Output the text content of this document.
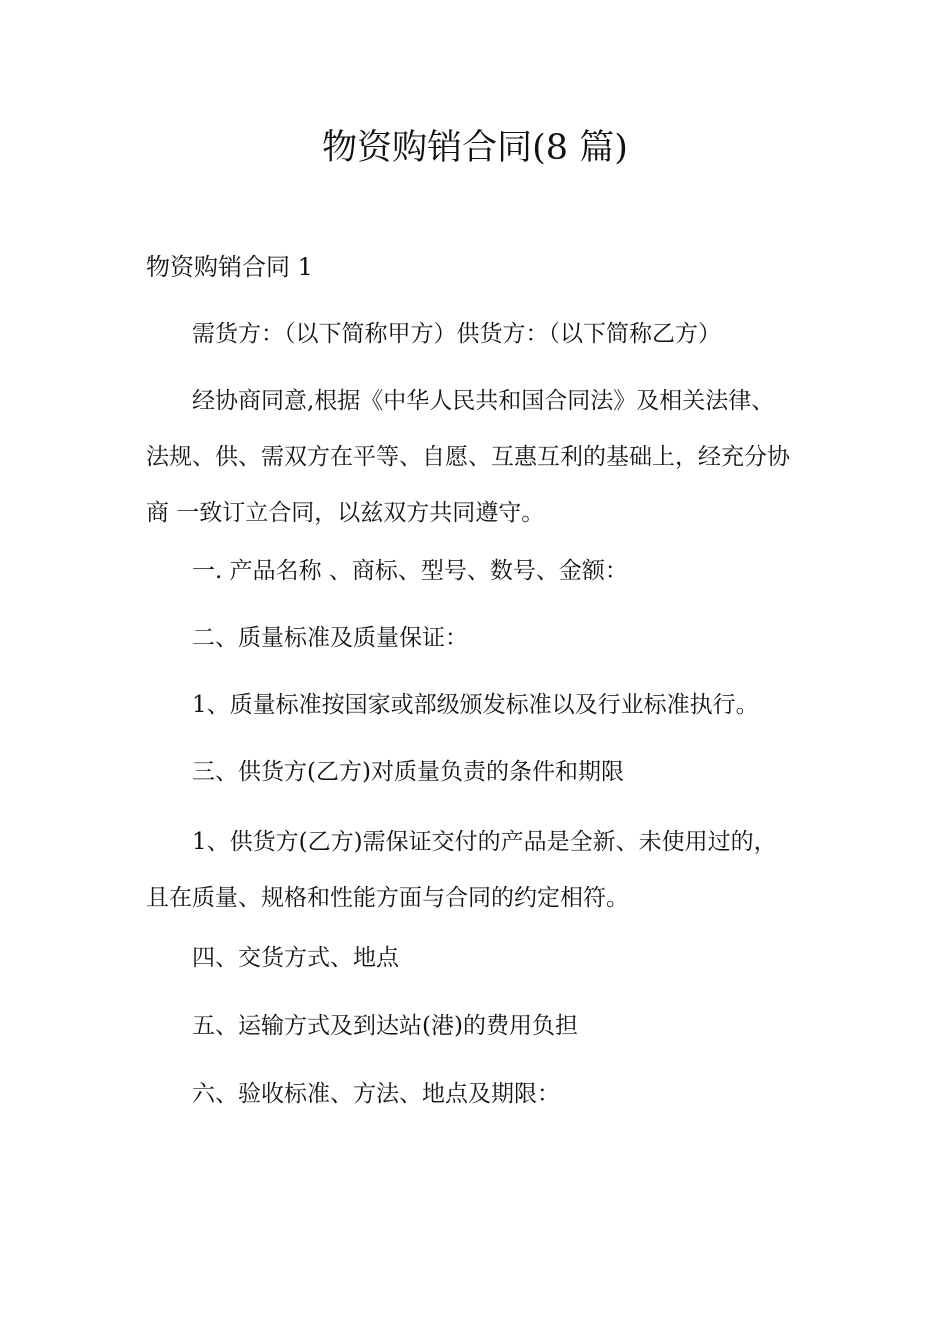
物资购销合同(8 篇)
物资购销合同 1

需货方：（以下简称甲方）供货方：（以下简称乙方）

经协商同意,根据《中华人民共和国合同法》及相关法律、
法规、供、需双方在平等、自愿、互惠互利的基础上，经充分协
商 一致订立合同，以兹双方共同遵守。

一. 产品名称 、商标、型号、数号、金额：

二、质量标准及质量保证：

1、质量标准按国家或部级颁发标准以及行业标准执行。

三、供货方(乙方)对质量负责的条件和期限

1、供货方(乙方)需保证交付的产品是全新、未使用过的，
且在质量、规格和性能方面与合同的约定相符。

四、交货方式、地点

五、运输方式及到达站(港)的费用负担

六、验收标准、方法、地点及期限：
